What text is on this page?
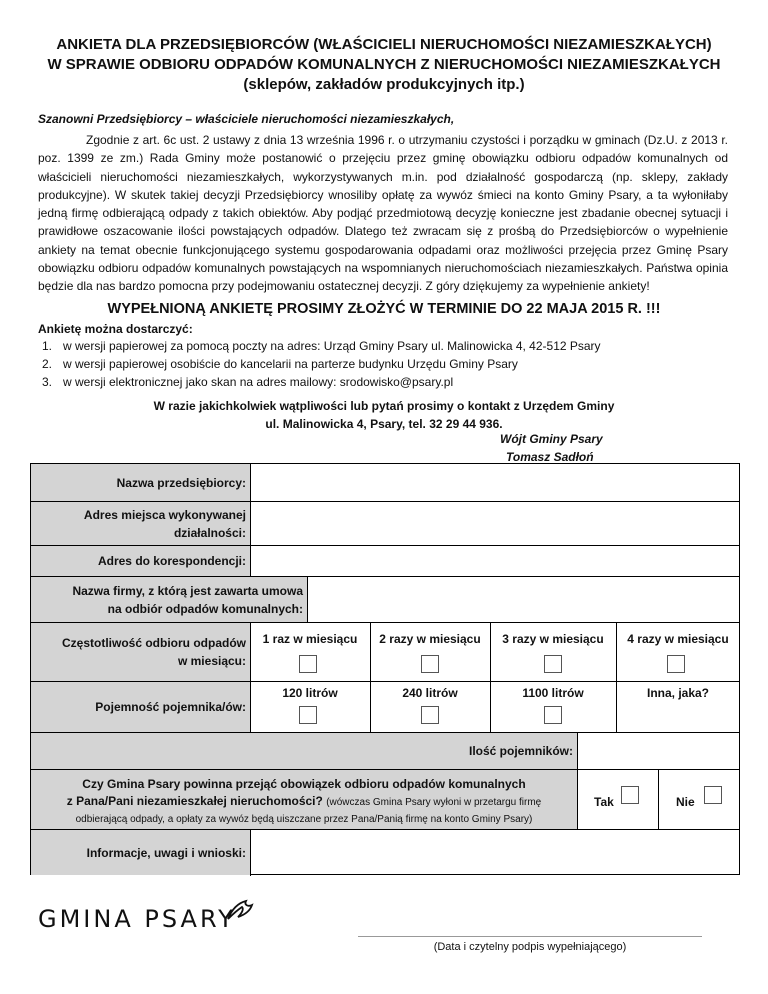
ANKIETA DLA PRZEDSIĘBIORCÓW (WŁAŚCICIELI NIERUCHOMOŚCI NIEZAMIESZKAŁYCH)
W SPRAWIE ODBIORU ODPADÓW KOMUNALNYCH Z NIERUCHOMOŚCI NIEZAMIESZKAŁYCH
(sklepów, zakładów produkcyjnych itp.)
Szanowni Przedsiębiorcy – właściciele nieruchomości niezamieszkałych,

Zgodnie z art. 6c ust. 2 ustawy z dnia 13 września 1996 r. o utrzymaniu czystości i porządku w gminach (Dz.U. z 2013 r. poz. 1399 ze zm.) Rada Gminy może postanowić o przejęciu przez gminę obowiązku odbioru odpadów komunalnych od właścicieli nieruchomości niezamieszkałych, wykorzystywanych m.in. pod działalność gospodarczą (np. sklepy, zakłady produkcyjne). W skutek takiej decyzji Przedsiębiorcy wnosiliby opłatę za wywóz śmieci na konto Gminy Psary, a ta wyłoniłaby jedną firmę odbierającą odpady z takich obiektów. Aby podjąć przedmiotową decyzję konieczne jest zbadanie obecnej sytuacji i prawidłowe oszacowanie ilości powstających odpadów. Dlatego też zwracam się z prośbą do Przedsiębiorców o wypełnienie ankiety na temat obecnie funkcjonującego systemu gospodarowania odpadami oraz możliwości przejęcia przez Gminę Psary obowiązku odbioru odpadów komunalnych powstających na wspomnianych nieruchomościach niezamieszkałych. Państwa opinia będzie dla nas bardzo pomocna przy podejmowaniu ostatecznej decyzji. Z góry dziękujemy za wypełnienie ankiety!

WYPEŁNIONĄ ANKIETĘ PROSIMY ZŁOŻYĆ W TERMINIE DO 22 MAJA 2015 R. !!!
Ankietę można dostarczyć:
1. w wersji papierowej za pomocą poczty na adres: Urząd Gminy Psary ul. Malinowicka 4, 42-512 Psary
2. w wersji papierowej osobiście do kancelarii na parterze budynku Urzędu Gminy Psary
3. w wersji elektronicznej jako skan na adres mailowy: srodowisko@psary.pl
W razie jakichkolwiek wątpliwości lub pytań prosimy o kontakt z Urzędem Gminy
ul. Malinowicka 4, Psary, tel. 32 29 44 936.
Wójt Gminy Psary
Tomasz Sadłoń
Nazwa przedsiębiorcy:
Adres miejsca wykonywanej
działalności:
Adres do korespondencji:
Nazwa firmy, z którą jest zawarta umowa
na odbiór odpadów komunalnych:
Częstotliwość odbioru odpadów
w miesiącu:
1 raz w miesiącu	2 razy w miesiącu	3 razy w miesiącu	4 razy w miesiącu
Pojemność pojemnika/ów:
120 litrów	240 litrów	1100 litrów	Inna, jaka?
Ilość pojemników:
Czy Gmina Psary powinna przejąć obowiązek odbioru odpadów komunalnych
z Pana/Pani niezamieszkałej nieruchomości? (wówczas Gmina Psary wyłoni w przetargu firmę
odbierającą odpady, a opłaty za wywóz będą uiszczane przez Pana/Panią firmę na konto Gminy Psary)
Tak	Nie
Informacje, uwagi i wnioski:
GMINA PSARY
(Data i czytelny podpis wypełniającego)
